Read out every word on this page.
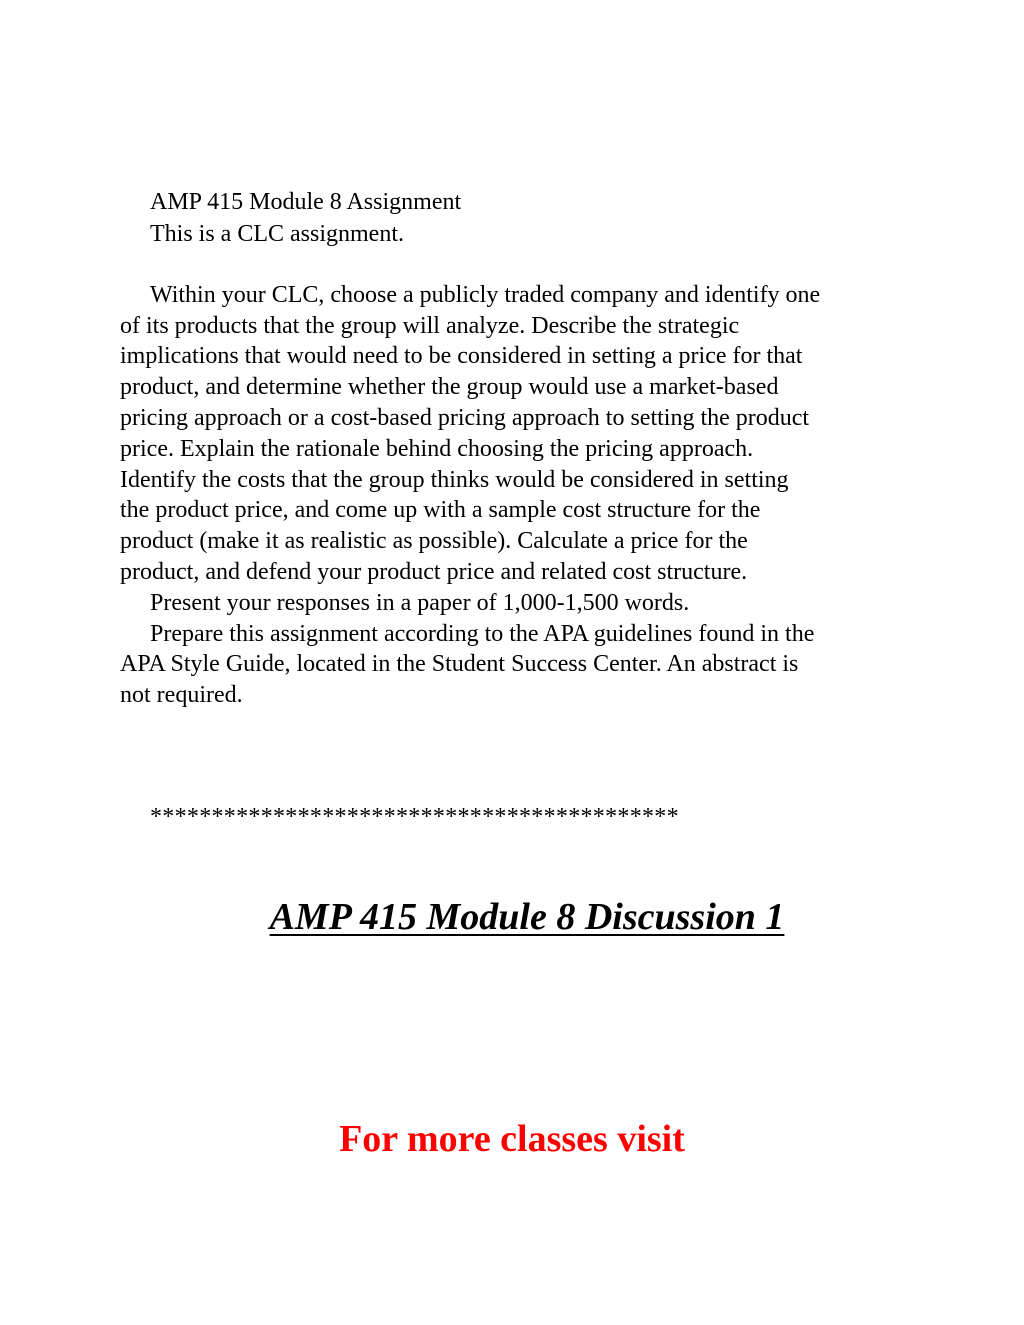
AMP 415 Module 8 Assignment

This is a CLC assignment.

Within your CLC, choose a publicly traded company and identify one

of its products that the group will analyze. Describe the strategic

implications that would need to be considered in setting a price for that

product, and determine whether the group would use a market-based

pricing approach or a cost-based pricing approach to setting the product

price. Explain the rationale behind choosing the pricing approach.

Identify the costs that the group thinks would be considered in setting

the product price, and come up with a sample cost structure for the

product (make it as realistic as possible). Calculate a price for the

product, and defend your product price and related cost structure.

Present your responses in a paper of 1,000-1,500 words.

Prepare this assignment according to the APA guidelines found in the

APA Style Guide, located in the Student Success Center. An abstract is

not required.

*******************************************
AMP 415 Module 8 Discussion 1
For more classes visit
